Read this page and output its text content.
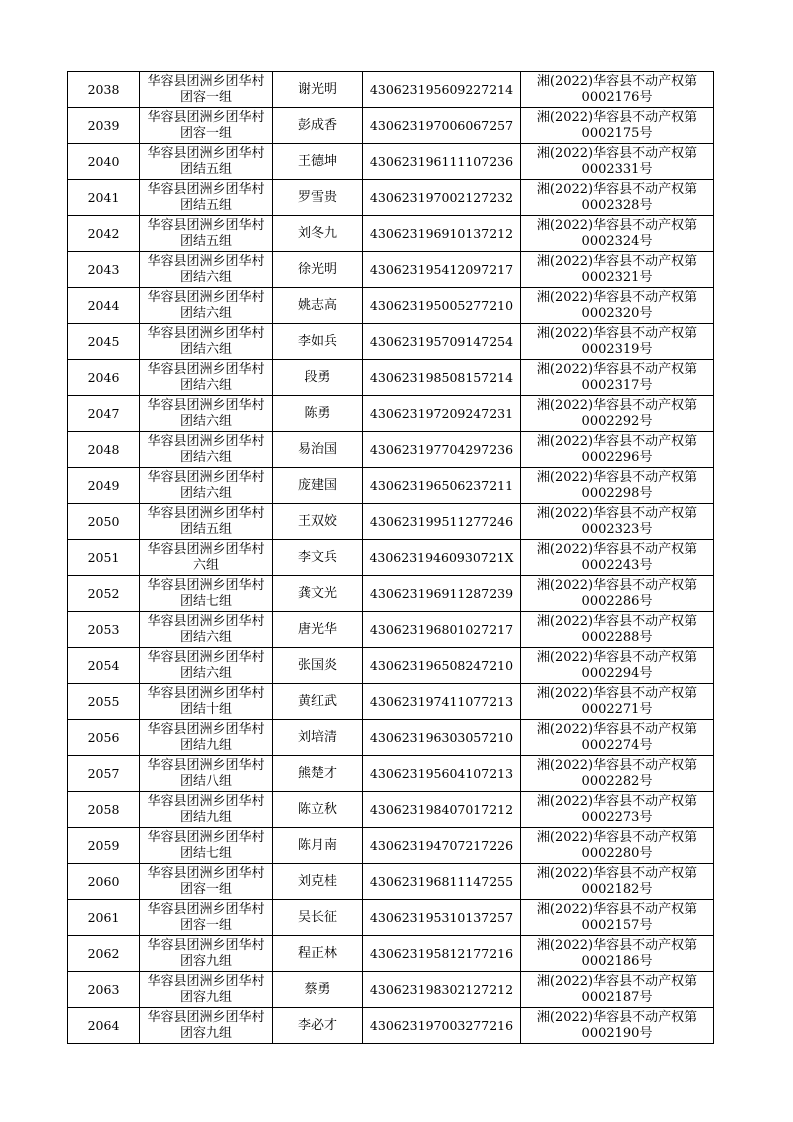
2038	华容县团洲乡团华村团容一组	谢光明	430623195609227214	湘(2022)华容县不动产权第
0002176号

2039	华容县团洲乡团华村团容一组	彭成香	430623197006067257	湘(2022)华容县不动产权第
0002175号

2040	华容县团洲乡团华村团结五组	王德坤	430623196111107236	湘(2022)华容县不动产权第
0002331号

2041	华容县团洲乡团华村团结五组	罗雪贵	430623197002127232	湘(2022)华容县不动产权第
0002328号

2042	华容县团洲乡团华村团结五组	刘冬九	430623196910137212	湘(2022)华容县不动产权第
0002324号

2043	华容县团洲乡团华村团结六组	徐光明	430623195412097217	湘(2022)华容县不动产权第
0002321号

2044	华容县团洲乡团华村团结六组	姚志高	430623195005277210	湘(2022)华容县不动产权第
0002320号

2045	华容县团洲乡团华村团结六组	李如兵	430623195709147254	湘(2022)华容县不动产权第
0002319号

2046	华容县团洲乡团华村团结六组	段勇	430623198508157214	湘(2022)华容县不动产权第
0002317号

2047	华容县团洲乡团华村团结六组	陈勇	430623197209247231	湘(2022)华容县不动产权第
0002292号

2048	华容县团洲乡团华村团结六组	易治国	430623197704297236	湘(2022)华容县不动产权第
0002296号

2049	华容县团洲乡团华村团结六组	庞建国	430623196506237211	湘(2022)华容县不动产权第
0002298号

2050	华容县团洲乡团华村团结五组	王双姣	430623199511277246	湘(2022)华容县不动产权第
0002323号

2051	华容县团洲乡团华村六组	李文兵	43062319460930721X	湘(2022)华容县不动产权第
0002243号

2052	华容县团洲乡团华村团结七组	龚文光	430623196911287239	湘(2022)华容县不动产权第
0002286号

2053	华容县团洲乡团华村团结六组	唐光华	430623196801027217	湘(2022)华容县不动产权第
0002288号

2054	华容县团洲乡团华村团结六组	张国炎	430623196508247210	湘(2022)华容县不动产权第
0002294号

2055	华容县团洲乡团华村团结十组	黄红武	430623197411077213	湘(2022)华容县不动产权第
0002271号

2056	华容县团洲乡团华村团结九组	刘培清	430623196303057210	湘(2022)华容县不动产权第
0002274号

2057	华容县团洲乡团华村团结八组	熊楚才	430623195604107213	湘(2022)华容县不动产权第
0002282号

2058	华容县团洲乡团华村团结九组	陈立秋	430623198407017212	湘(2022)华容县不动产权第
0002273号

2059	华容县团洲乡团华村团结七组	陈月南	430623194707217226	湘(2022)华容县不动产权第
0002280号

2060	华容县团洲乡团华村团容一组	刘克桂	430623196811147255	湘(2022)华容县不动产权第
0002182号

2061	华容县团洲乡团华村团容一组	吴长征	430623195310137257	湘(2022)华容县不动产权第
0002157号

2062	华容县团洲乡团华村团容九组	程正林	430623195812177216	湘(2022)华容县不动产权第
0002186号

2063	华容县团洲乡团华村团容九组	蔡勇	430623198302127212	湘(2022)华容县不动产权第
0002187号

2064	华容县团洲乡团华村团容九组	李必才	430623197003277216	湘(2022)华容县不动产权第
0002190号
